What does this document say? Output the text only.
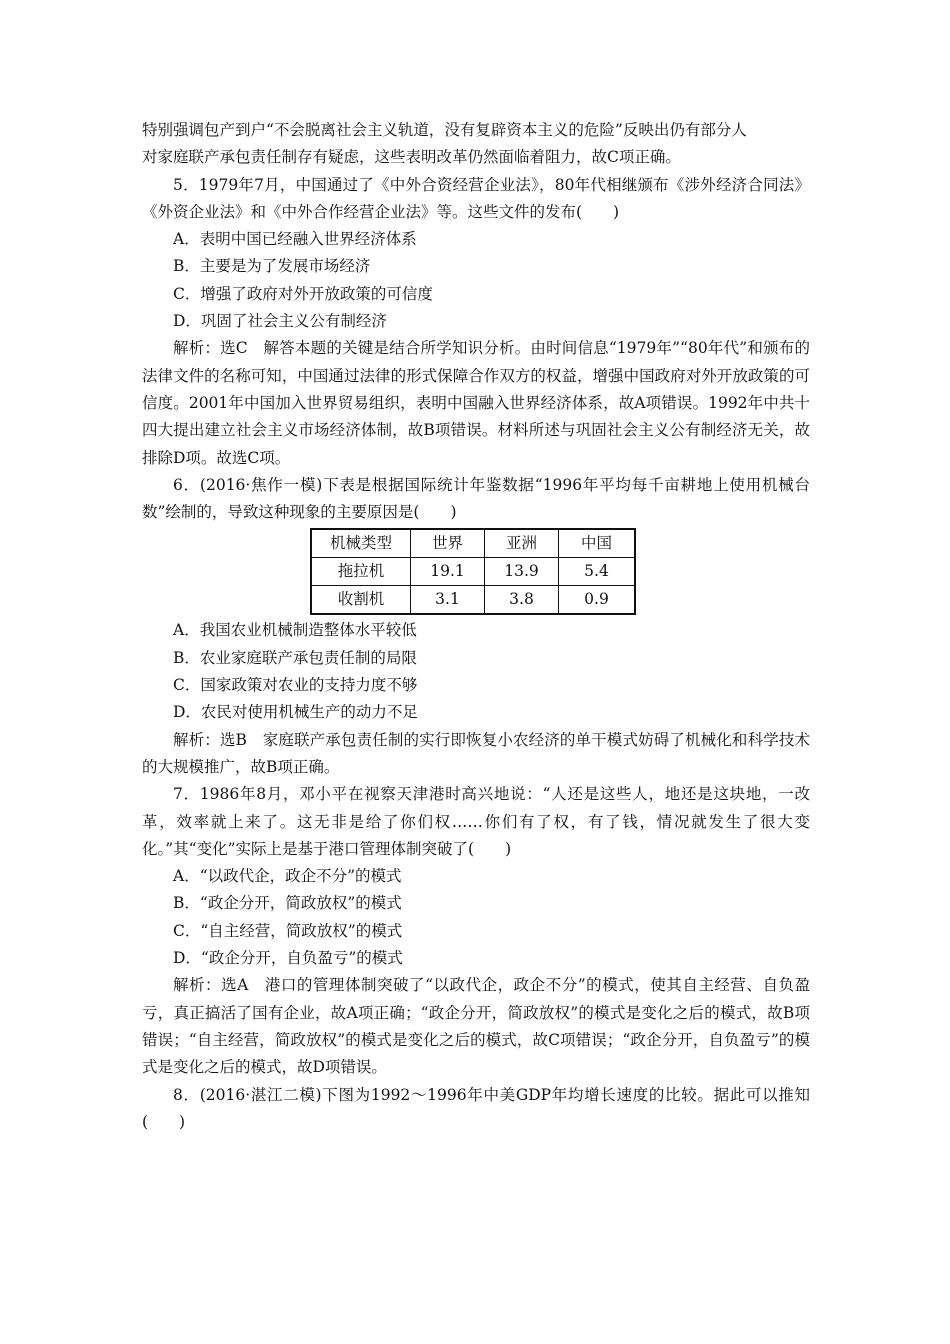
特别强调包产到户“不会脱离社会主义轨道，没有复辟资本主义的危险”反映出仍有部分人

对家庭联产承包责任制存有疑虑，这些表明改革仍然面临着阻力，故C项正确。

5．1979年7月，中国通过了《中外合资经营企业法》，80年代相继颁布《涉外经济合同法》《外资企业法》和《中外合作经营企业法》等。这些文件的发布(　　)

A．表明中国已经融入世界经济体系

B．主要是为了发展市场经济

C．增强了政府对外开放政策的可信度

D．巩固了社会主义公有制经济

解析：选C　解答本题的关键是结合所学知识分析。由时间信息“1979年”“80年代”和颁布的法律文件的名称可知，中国通过法律的形式保障合作双方的权益，增强中国政府对外开放政策的可信度。2001年中国加入世界贸易组织，表明中国融入世界经济体系，故A项错误。1992年中共十四大提出建立社会主义市场经济体制，故B项错误。材料所述与巩固社会主义公有制经济无关，故排除D项。故选C项。

6．(2016·焦作一模)下表是根据国际统计年鉴数据“1996年平均每千亩耕地上使用机械台数”绘制的，导致这种现象的主要原因是(　　)

机械类型	世界	亚洲	中国
拖拉机	19.1	13.9	5.4
收割机	3.1	3.8	0.9

A．我国农业机械制造整体水平较低

B．农业家庭联产承包责任制的局限

C．国家政策对农业的支持力度不够

D．农民对使用机械生产的动力不足

解析：选B　家庭联产承包责任制的实行即恢复小农经济的单干模式妨碍了机械化和科学技术的大规模推广，故B项正确。

7．1986年8月，邓小平在视察天津港时高兴地说：“人还是这些人，地还是这块地，一改革，效率就上来了。这无非是给了你们权……你们有了权，有了钱，情况就发生了很大变化。”其“变化”实际上是基于港口管理体制突破了(　　)

A．“以政代企，政企不分”的模式

B．“政企分开，简政放权”的模式

C．“自主经营，简政放权”的模式

D．“政企分开，自负盈亏”的模式

解析：选A　港口的管理体制突破了“以政代企，政企不分”的模式，使其自主经营、自负盈亏，真正搞活了国有企业，故A项正确；“政企分开，简政放权”的模式是变化之后的模式，故B项错误；“自主经营，简政放权”的模式是变化之后的模式，故C项错误；“政企分开，自负盈亏”的模式是变化之后的模式，故D项错误。

8．(2016·湛江二模)下图为1992～1996年中美GDP年均增长速度的比较。据此可以推知(　　)
